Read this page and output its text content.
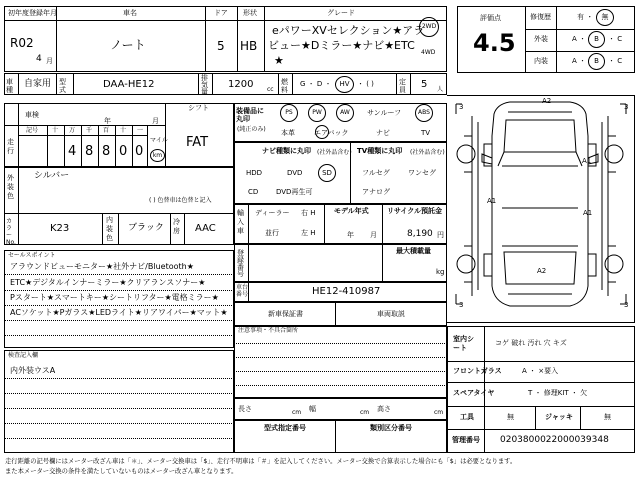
初年度登録年月
R02
4 月
車名
ノート
ドア
5
形状
HB
グレード
eパワーXVセレクション★アラ
ビュー★Dミラー★ナビ★ETC
★
2WD
4WD
車種
自家用 型式	DAA-HE12
排気量
1200 cc
燃料
G ・ D ・	HV	・ ( )	定員	5 人
評価点
4.5
修復歴	有 ・	無
外装	A ・	B	・ C
内装	A ・	B	・ C
A2
A1
A1
A1
A2
3	3
3	3
車検
年	月
走行
記号 十 万 千 百 十 一
4 8 8 0 0
マイル
km
シフト
FAT
外装色
シルバー
( ) 色替車は色替と記入
カラーNo.
K23
内装色
ブラック
冷房 AAC
セールスポイント
アラウンドビューモニター★社外ナビ/Bluetooth★
ETC★デジタルインナーミラー★クリアランスソナー★
Pスタート★スマートキー★シートリフター★電格ミラー★
ACソケット★Pガラス★LEDライト★リアワイパー★マット★
検査記入欄
内外装ウスA
装備品に丸印
(純正のみ)
PS	PW	AW	サンルーフ	ABS
本革	エアバック	ナビ	TV
ナビ種類に丸印 (社外品含む)
HDD	DVD	SD
CD	DVD再生可
TV種類に丸印 (社外品含む)
フルセグ	ワンセグ
アナログ
輸入車
ディーラー
並行
右 H
左 H
モデル年式
年 月
リサイクル預託金
8,190 円
登録番号
最大積載量
kg
車台番号	HE12-410987
新車保証書	車両取説
注意事項・不具合箇所
長さ	cm 幅	cm 高さ	cm
型式指定番号	類別区分番号
室内シート
コゲ 破れ 汚れ 穴 キズ
フロントガラス	A ・ ×要入
スペアタイヤ	T ・ 修理KIT ・ 欠
工具	無	ジャッキ	無
管理番号 020380002200003934​8
走行距離の記号欄にはメーター改ざん車は「＊」、メーター交換車は「$」、走行不明車は「＃」を記入してください。メーター交換で合算表示した場合にも「$」は必要となります。
また本メーター交換の条件を満たしていないものはメーター改ざん車となります。
